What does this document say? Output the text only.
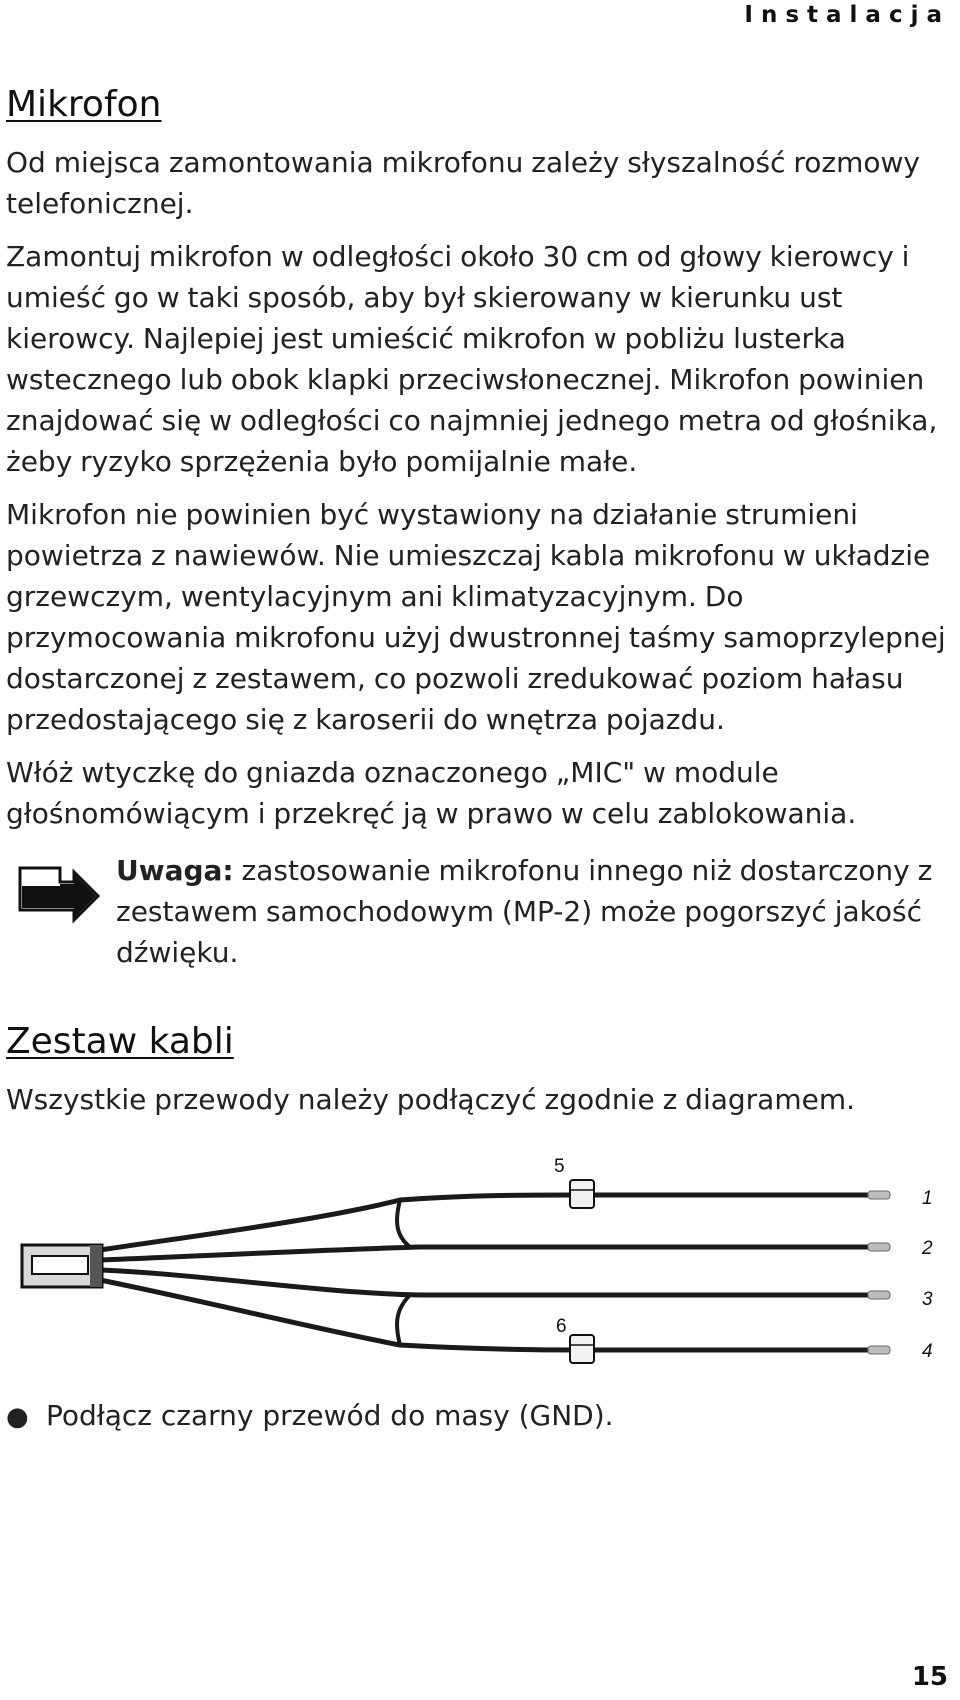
Instalacja
Mikrofon

Od miejsca zamontowania mikrofonu zależy słyszalność rozmowy telefonicznej.

Zamontuj mikrofon w odległości około 30 cm od głowy kierowcy i umieść go w taki sposób, aby był skierowany w kierunku ust kierowcy. Najlepiej jest umieścić mikrofon w pobliżu lusterka wstecznego lub obok klapki przeciwsłonecznej. Mikrofon powinien znajdować się w odległości co najmniej jednego metra od głośnika, żeby ryzyko sprzężenia było pomijalnie małe.

Mikrofon nie powinien być wystawiony na działanie strumieni powietrza z nawiewów. Nie umieszczaj kabla mikrofonu w układzie grzewczym, wentylacyjnym ani klimatyzacyjnym. Do przymocowania mikrofonu użyj dwustronnej taśmy samoprzylepnej dostarczonej z zestawem, co pozwoli zredukować poziom hałasu przedostającego się z karoserii do wnętrza pojazdu.

Włóż wtyczkę do gniazda oznaczonego „MIC" w module głośnomówiącym i przekręć ją w prawo w celu zablokowania.

Uwaga: zastosowanie mikrofonu innego niż dostarczony z zestawem samochodowym (MP-2) może pogorszyć jakość dźwięku.

Zestaw kabli

Wszystkie przewody należy podłączyć zgodnie z diagramem.

1
2
3
4
5
6
● Podłącz czarny przewód do masy (GND).
15
